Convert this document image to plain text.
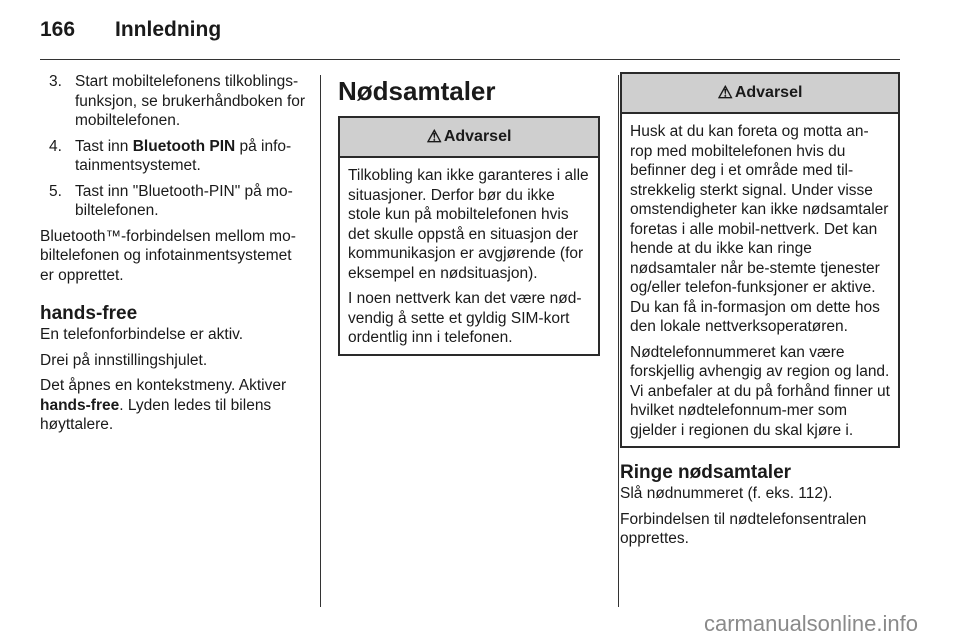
166 Innledning
3. Start mobiltelefonens tilkoblings-funksjon, se brukerhåndboken for mobiltelefonen.
4. Tast inn Bluetooth PIN på info-tainmentsystemet.
5. Tast inn "Bluetooth-PIN" på mo-biltelefonen.

Bluetooth™-forbindelsen mellom mo-biltelefonen og infotainmentsystemet er opprettet.

hands-free

En telefonforbindelse er aktiv.

Drei på innstillingshjulet.

Det åpnes en kontekstmeny. Aktiver hands-free. Lyden ledes til bilens høyttalere.

Nødsamtaler
⚠ Advarsel

Tilkobling kan ikke garanteres i alle situasjoner. Derfor bør du ikke stole kun på mobiltelefonen hvis det skulle oppstå en situasjon der kommunikasjon er avgjørende (for eksempel en nødsituasjon).

I noen nettverk kan det være nød-vendig å sette et gyldig SIM-kort ordentlig inn i telefonen.

⚠ Advarsel

Husk at du kan foreta og motta an-rop med mobiltelefonen hvis du befinner deg i et område med til-strekkelig sterkt signal. Under visse omstendigheter kan ikke nødsamtaler foretas i alle mobil-nettverk. Det kan hende at du ikke kan ringe nødsamtaler når be-stemte tjenester og/eller telefon-funksjoner er aktive. Du kan få in-formasjon om dette hos den lokale nettverksoperatøren.

Nødtelefonnummeret kan være forskjellig avhengig av region og land. Vi anbefaler at du på forhånd finner ut hvilket nødtelefonnum-mer som gjelder i regionen du skal kjøre i.

Ringe nødsamtaler

Slå nødnummeret (f. eks. 112).

Forbindelsen til nødtelefonsentralen opprettes.

carmanualsonline.info
